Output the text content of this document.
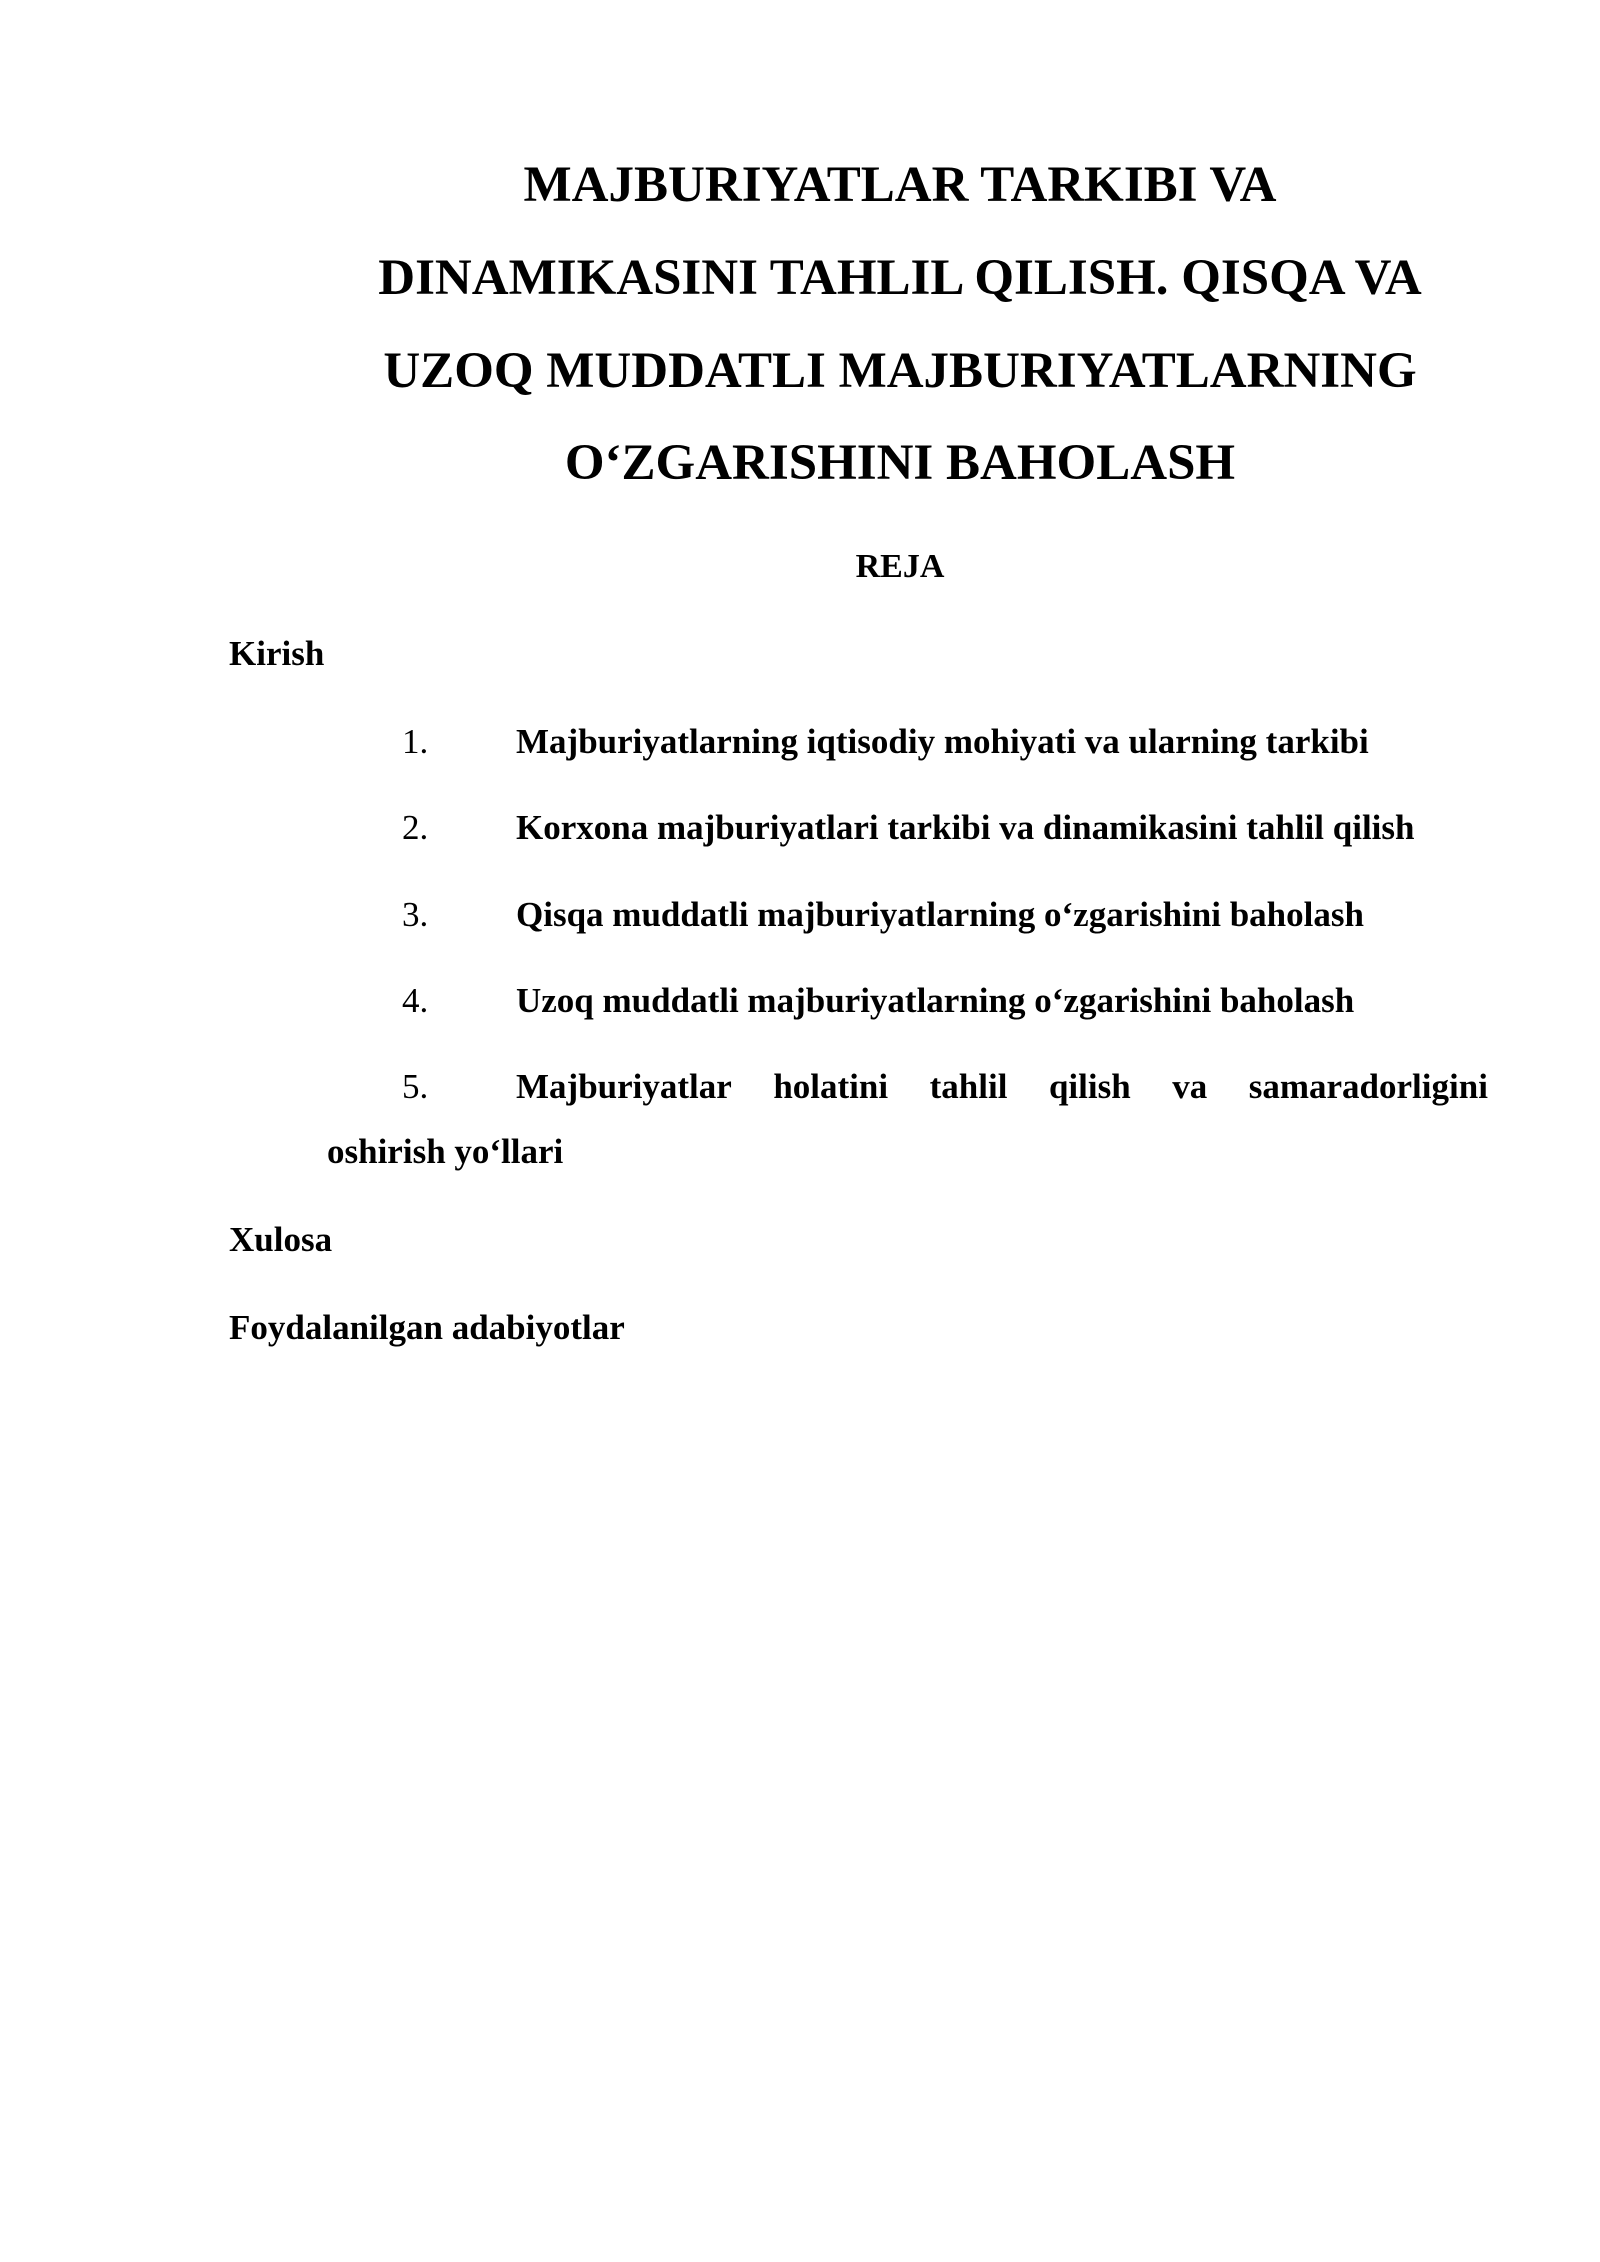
MAJBURIYATLAR TARKIBI VA
DINAMIKASINI TAHLIL QILISH. QISQA VA
UZOQ MUDDATLI MAJBURIYATLARNING
O‘ZGARISHINI BAHOLASH
REJA
Kirish
1.	Majburiyatlarning iqtisodiy mohiyati va ularning tarkibi
2.	Korxona majburiyatlari tarkibi va dinamikasini tahlil qilish
3.	Qisqa muddatli majburiyatlarning o‘zgarishini baholash
4.	Uzoq muddatli majburiyatlarning o‘zgarishini baholash
5.	Majburiyatlar holatini tahlil qilish va samaradorligini
oshirish yo‘llari
Xulosa
Foydalanilgan adabiyotlar
